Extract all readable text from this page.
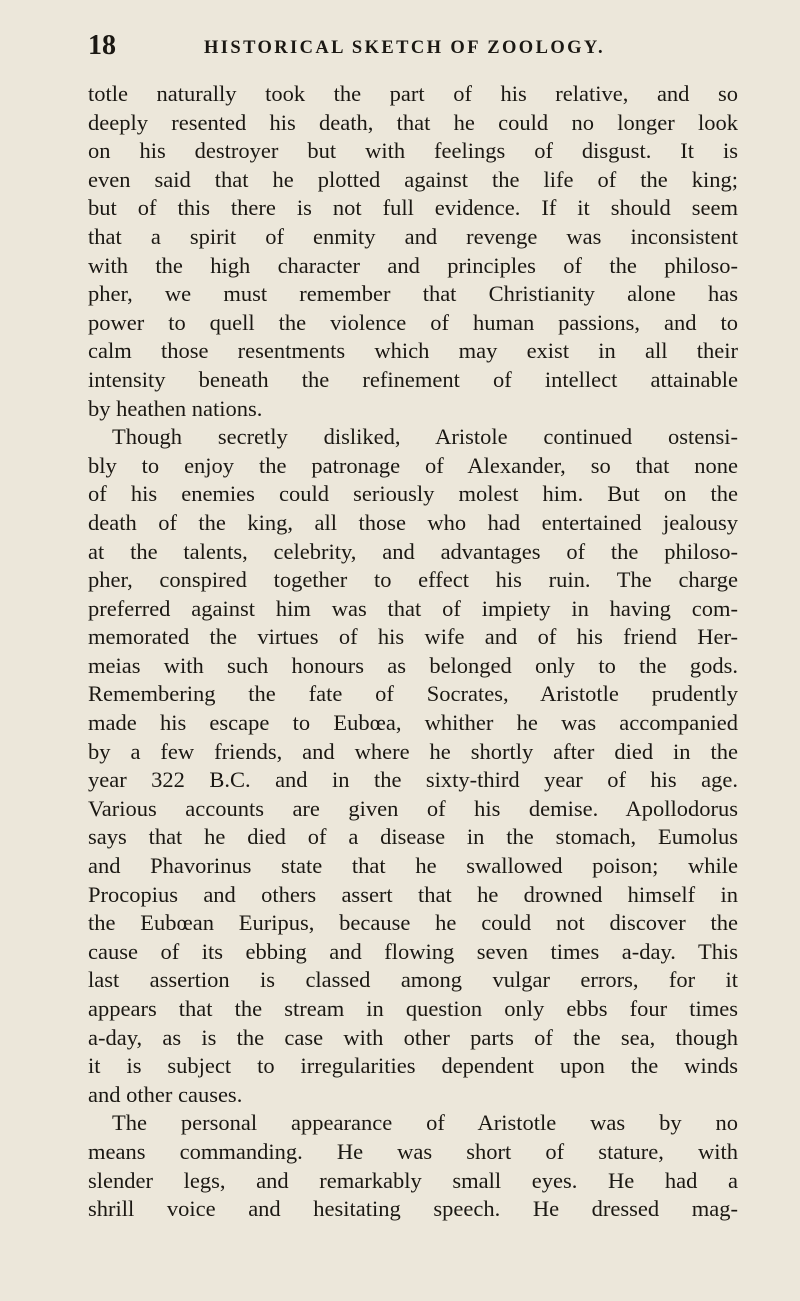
18	HISTORICAL SKETCH OF ZOOLOGY.
totle naturally took the part of his relative, and so
deeply resented his death, that he could no longer look
on his destroyer but with feelings of disgust. It is
even said that he plotted against the life of the king;
but of this there is not full evidence. If it should seem
that a spirit of enmity and revenge was inconsistent
with the high character and principles of the philoso-
pher, we must remember that Christianity alone has
power to quell the violence of human passions, and to
calm those resentments which may exist in all their
intensity beneath the refinement of intellect attainable
by heathen nations.
Though secretly disliked, Aristole continued ostensi-
bly to enjoy the patronage of Alexander, so that none
of his enemies could seriously molest him. But on the
death of the king, all those who had entertained jealousy
at the talents, celebrity, and advantages of the philoso-
pher, conspired together to effect his ruin. The charge
preferred against him was that of impiety in having com-
memorated the virtues of his wife and of his friend Her-
meias with such honours as belonged only to the gods.
Remembering the fate of Socrates, Aristotle prudently
made his escape to Eubœa, whither he was accompanied
by a few friends, and where he shortly after died in the
year 322 B.C. and in the sixty-third year of his age.
Various accounts are given of his demise. Apollodorus
says that he died of a disease in the stomach, Eumolus
and Phavorinus state that he swallowed poison; while
Procopius and others assert that he drowned himself in
the Eubœan Euripus, because he could not discover the
cause of its ebbing and flowing seven times a-day. This
last assertion is classed among vulgar errors, for it
appears that the stream in question only ebbs four times
a-day, as is the case with other parts of the sea, though
it is subject to irregularities dependent upon the winds
and other causes.
The personal appearance of Aristotle was by no
means commanding. He was short of stature, with
slender legs, and remarkably small eyes. He had a
shrill voice and hesitating speech. He dressed mag-
